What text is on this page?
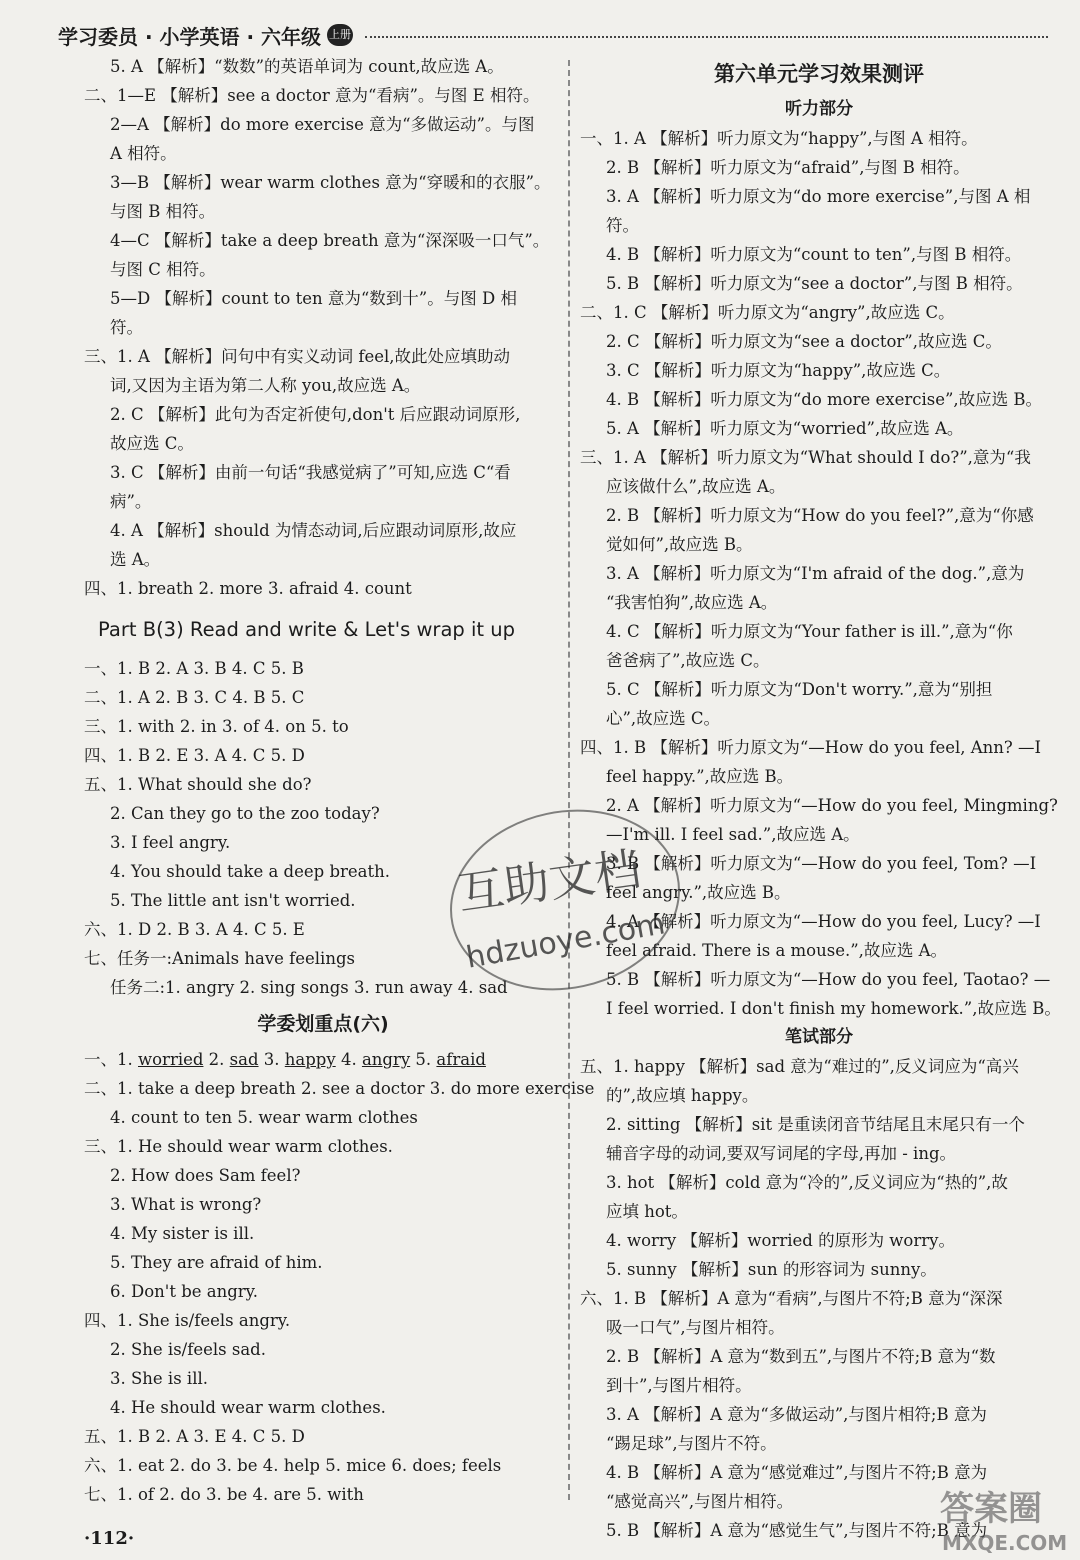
学习委员 · 小学英语 · 六年级 上册
5. A 【解析】“数数”的英语单词为 count,故应选 A。
二、1—E 【解析】see a doctor 意为“看病”。与图 E 相符。
2—A 【解析】do more exercise 意为“多做运动”。与图
A 相符。
3—B 【解析】wear warm clothes 意为“穿暖和的衣服”。
与图 B 相符。
4—C 【解析】take a deep breath 意为“深深吸一口气”。
与图 C 相符。
5—D 【解析】count to ten 意为“数到十”。与图 D 相
符。
三、1. A 【解析】问句中有实义动词 feel,故此处应填助动
词,又因为主语为第二人称 you,故应选 A。
2. C 【解析】此句为否定祈使句,don't 后应跟动词原形,
故应选 C。
3. C 【解析】由前一句话“我感觉病了”可知,应选 C“看
病”。
4. A 【解析】should 为情态动词,后应跟动词原形,故应
选 A。
四、1. breath 2. more 3. afraid 4. count
Part B(3) Read and write & Let's wrap it up
一、1. B 2. A 3. B 4. C 5. B
二、1. A 2. B 3. C 4. B 5. C
三、1. with 2. in 3. of 4. on 5. to
四、1. B 2. E 3. A 4. C 5. D
五、1. What should she do?
2. Can they go to the zoo today?
3. I feel angry.
4. You should take a deep breath.
5. The little ant isn't worried.
六、1. D 2. B 3. A 4. C 5. E
七、任务一:Animals have feelings
任务二:1. angry 2. sing songs 3. run away 4. sad
学委划重点(六)
一、1. worried 2. sad 3. happy 4. angry 5. afraid
二、1. take a deep breath 2. see a doctor 3. do more exercise
4. count to ten 5. wear warm clothes
三、1. He should wear warm clothes.
2. How does Sam feel?
3. What is wrong?
4. My sister is ill.
5. They are afraid of him.
6. Don't be angry.
四、1. She is/feels angry.
2. She is/feels sad.
3. She is ill.
4. He should wear warm clothes.
五、1. B 2. A 3. E 4. C 5. D
六、1. eat 2. do 3. be 4. help 5. mice 6. does; feels
七、1. of 2. do 3. be 4. are 5. with
第六单元学习效果测评
听力部分
一、1. A 【解析】听力原文为“happy”,与图 A 相符。
2. B 【解析】听力原文为“afraid”,与图 B 相符。
3. A 【解析】听力原文为“do more exercise”,与图 A 相
符。
4. B 【解析】听力原文为“count to ten”,与图 B 相符。
5. B 【解析】听力原文为“see a doctor”,与图 B 相符。
二、1. C 【解析】听力原文为“angry”,故应选 C。
2. C 【解析】听力原文为“see a doctor”,故应选 C。
3. C 【解析】听力原文为“happy”,故应选 C。
4. B 【解析】听力原文为“do more exercise”,故应选 B。
5. A 【解析】听力原文为“worried”,故应选 A。
三、1. A 【解析】听力原文为“What should I do?”,意为“我
应该做什么”,故应选 A。
2. B 【解析】听力原文为“How do you feel?”,意为“你感
觉如何”,故应选 B。
3. A 【解析】听力原文为“I'm afraid of the dog.”,意为
“我害怕狗”,故应选 A。
4. C 【解析】听力原文为“Your father is ill.”,意为“你
爸爸病了”,故应选 C。
5. C 【解析】听力原文为“Don't worry.”,意为“别担
心”,故应选 C。
四、1. B 【解析】听力原文为“—How do you feel, Ann? —I
feel happy.”,故应选 B。
2. A 【解析】听力原文为“—How do you feel, Mingming?
—I'm ill. I feel sad.”,故应选 A。
3. B 【解析】听力原文为“—How do you feel, Tom? —I
feel angry.”,故应选 B。
4. A 【解析】听力原文为“—How do you feel, Lucy? —I
feel afraid. There is a mouse.”,故应选 A。
5. B 【解析】听力原文为“—How do you feel, Taotao? —
I feel worried. I don't finish my homework.”,故应选 B。
笔试部分
五、1. happy 【解析】sad 意为“难过的”,反义词应为“高兴
的”,故应填 happy。
2. sitting 【解析】sit 是重读闭音节结尾且末尾只有一个
辅音字母的动词,要双写词尾的字母,再加 - ing。
3. hot 【解析】cold 意为“冷的”,反义词应为“热的”,故
应填 hot。
4. worry 【解析】worried 的原形为 worry。
5. sunny 【解析】sun 的形容词为 sunny。
六、1. B 【解析】A 意为“看病”,与图片不符;B 意为“深深
吸一口气”,与图片相符。
2. B 【解析】A 意为“数到五”,与图片不符;B 意为“数
到十”,与图片相符。
3. A 【解析】A 意为“多做运动”,与图片相符;B 意为
“踢足球”,与图片不符。
4. B 【解析】A 意为“感觉难过”,与图片不符;B 意为
“感觉高兴”,与图片相符。
5. B 【解析】A 意为“感觉生气”,与图片不符;B 意为
·112·
互助文档
hdzuoye.com
答案圈
MXQE.COM
